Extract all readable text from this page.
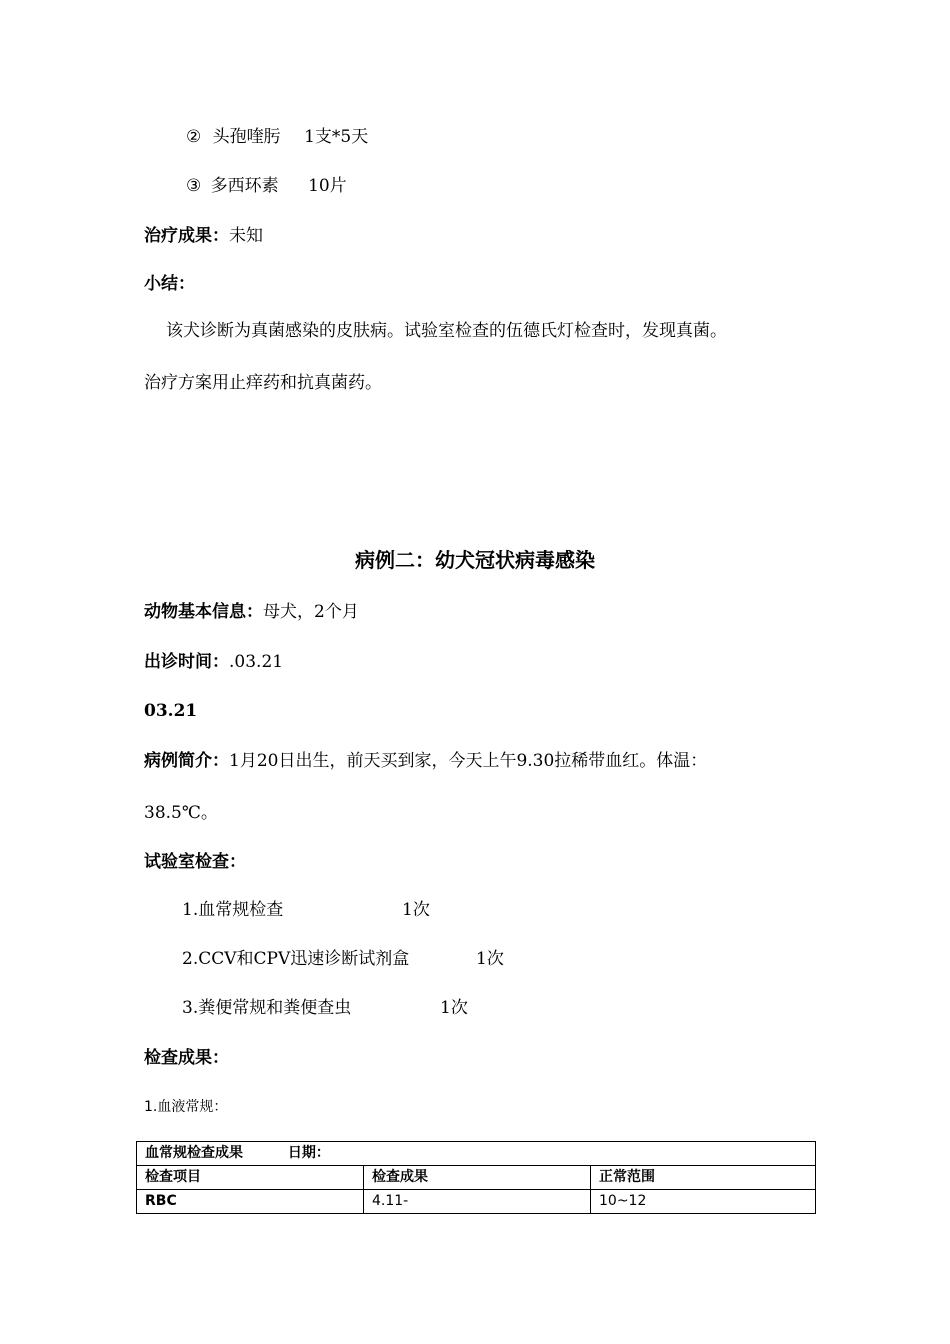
② 头孢喹肟 1支*5天
③ 多西环素 10片
治疗成果：未知
小结：
该犬诊断为真菌感染的皮肤病。试验室检查的伍德氏灯检查时，发现真菌。
治疗方案用止痒药和抗真菌药。
病例二：幼犬冠状病毒感染
动物基本信息：母犬，2个月
出诊时间：.03.21
03.21
病例简介：1月20日出生，前天买到家，今天上午9.30拉稀带血红。体温：
38.5℃。
试验室检查：
1.血常规检查	1次
2.CCV和CPV迅速诊断试剂盒	1次
3.粪便常规和粪便查虫	1次
检查成果：
1.血液常规：
血常规检查成果 日期：		
检查项目	检查成果	正常范围
RBC	4.11-	10~12
